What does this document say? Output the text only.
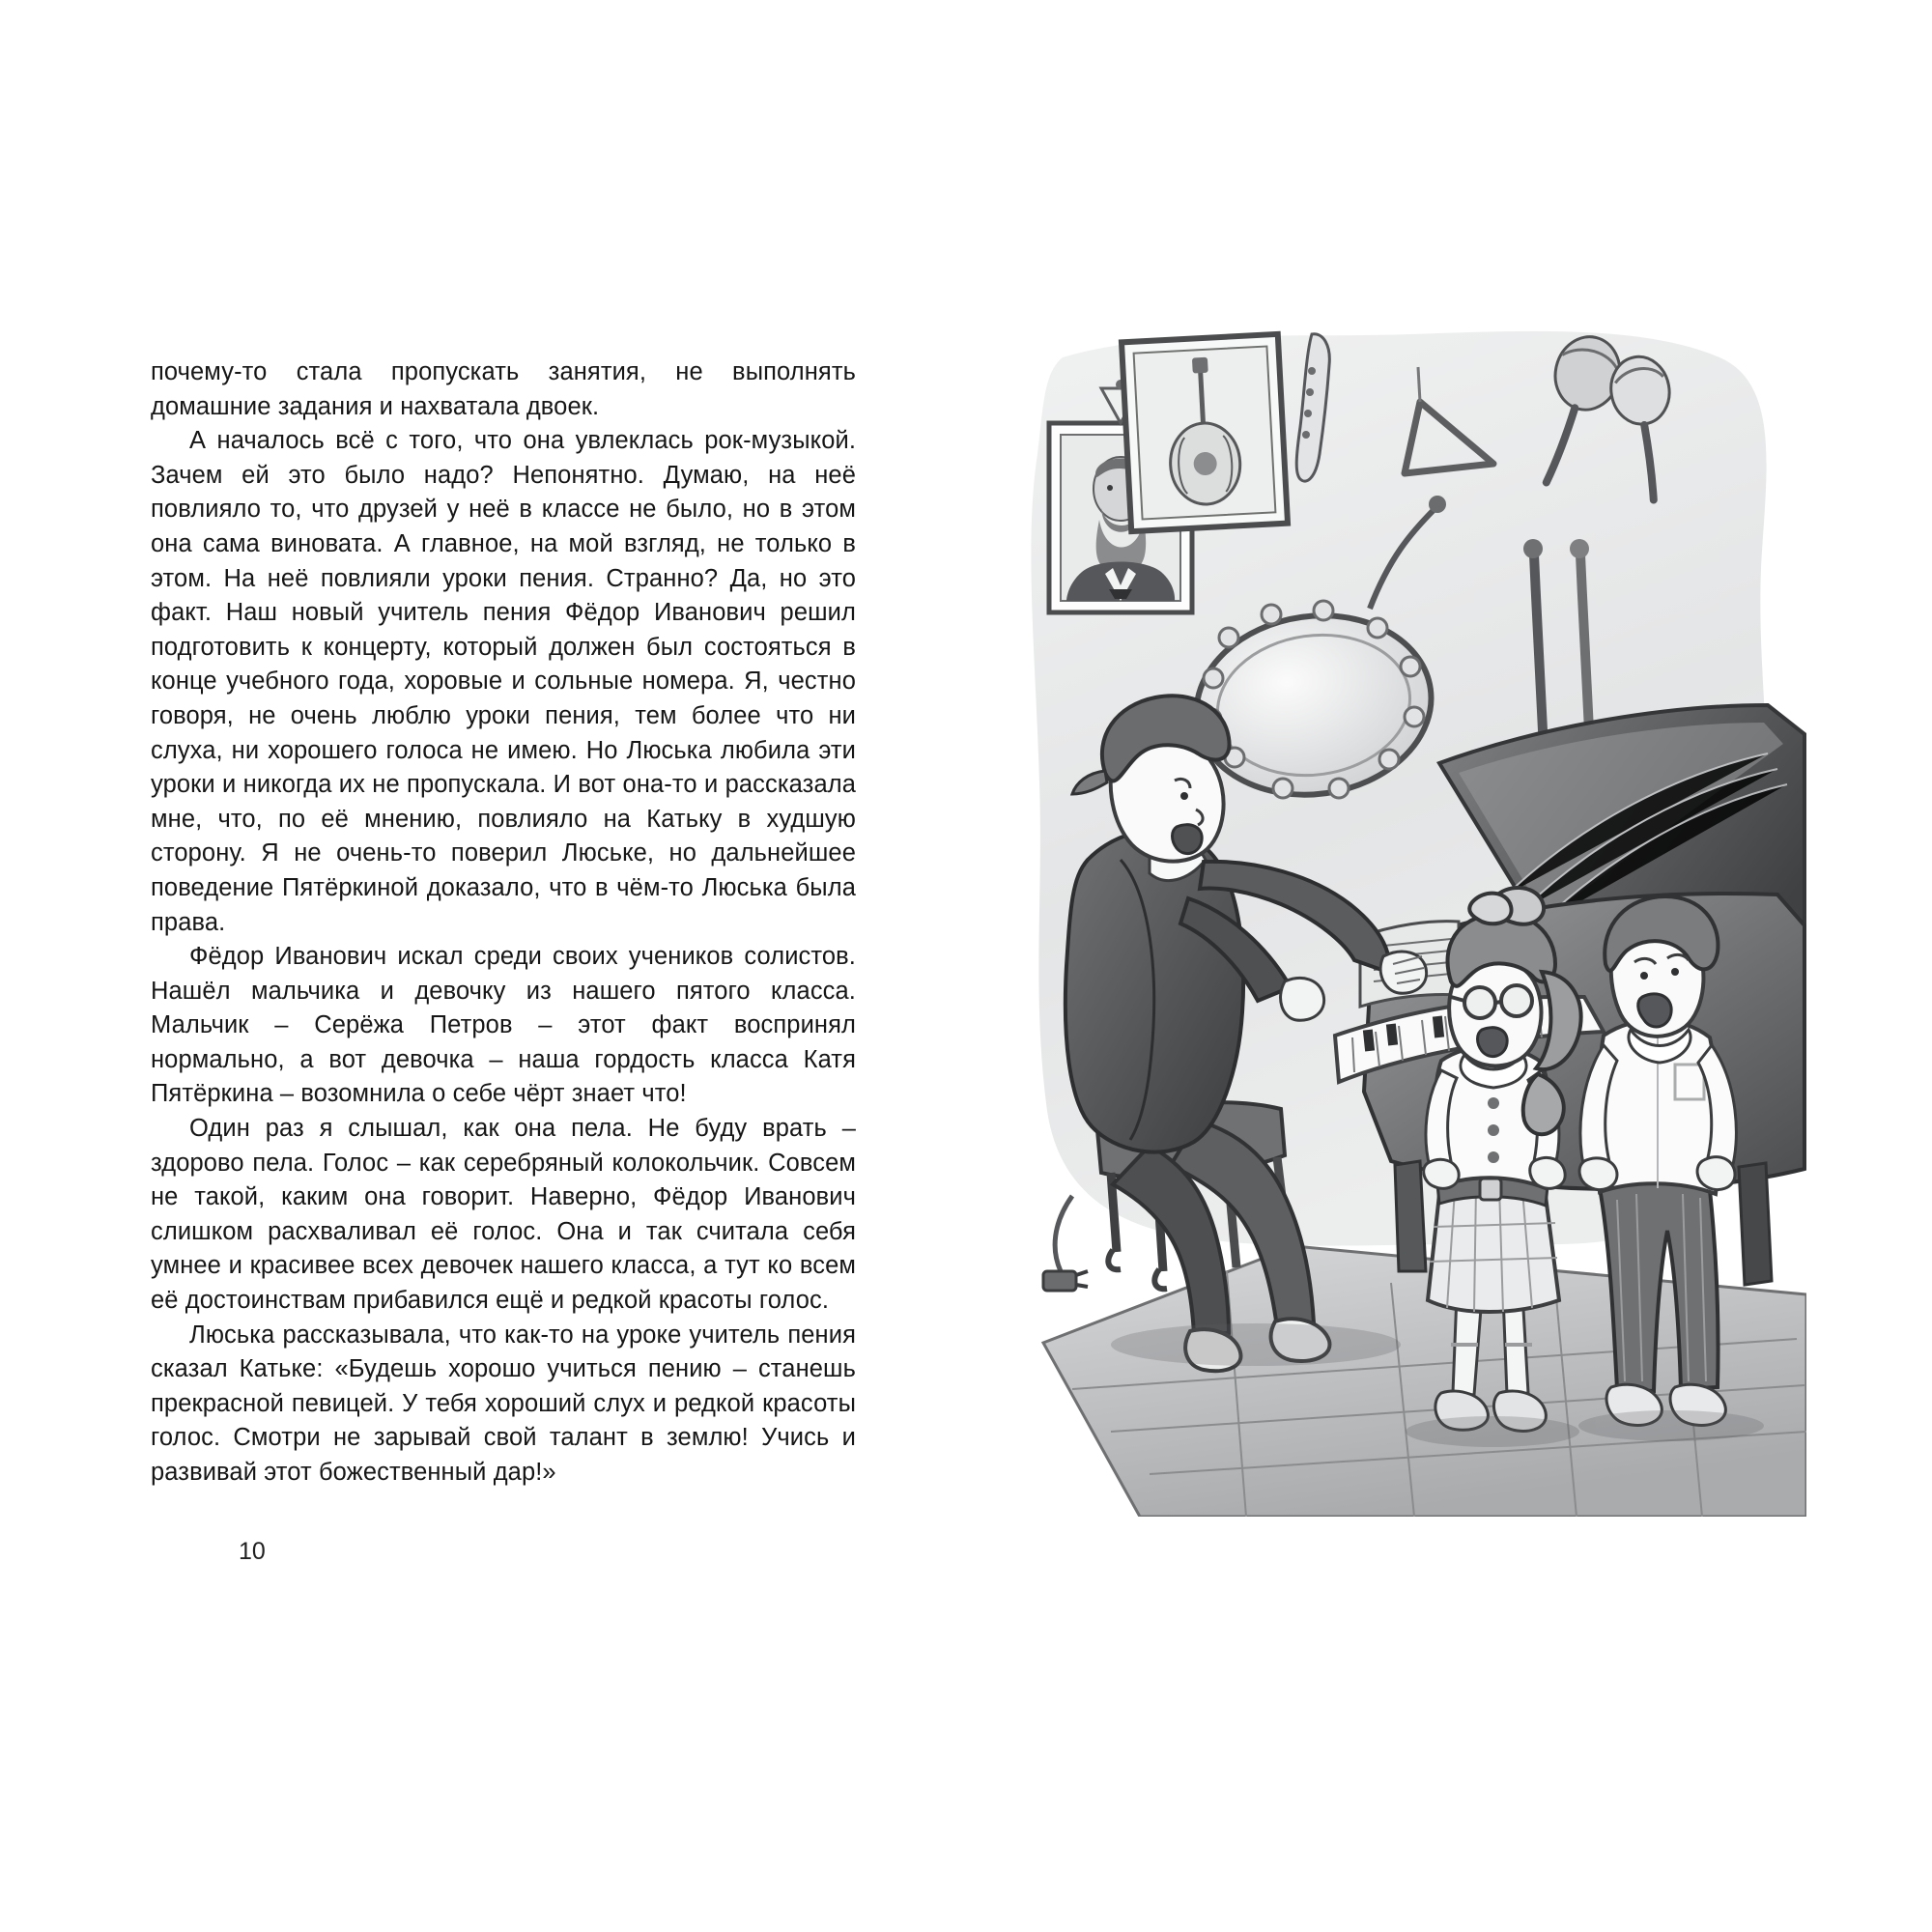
почему-то стала пропускать занятия, не выполнять домашние задания и нахватала двоек.

А началось всё с того, что она увлеклась рок-музыкой. Зачем ей это было надо? Непонятно. Думаю, на неё повлияло то, что друзей у неё в классе не было, но в этом она сама виновата. А главное, на мой взгляд, не только в этом. На неё повлияли уроки пения. Странно? Да, но это факт. Наш новый учитель пения Фёдор Иванович решил подготовить к концерту, который должен был состояться в конце учебного года, хоровые и сольные номера. Я, честно говоря, не очень люблю уроки пения, тем более что ни слуха, ни хорошего голоса не имею. Но Люська любила эти уроки и никогда их не пропускала. И вот она-то и рассказала мне, что, по её мнению, повлияло на Катьку в худшую сторону. Я не очень-то поверил Люське, но дальнейшее поведение Пятёркиной доказало, что в чём-то Люська была права.

Фёдор Иванович искал среди своих учеников солистов. Нашёл мальчика и девочку из нашего пятого класса. Мальчик – Серёжа Петров – этот факт воспринял нормально, а вот девочка – наша гордость класса Катя Пятёркина – возомнила о себе чёрт знает что!

Один раз я слышал, как она пела. Не буду врать – здорово пела. Голос – как серебряный колокольчик. Совсем не такой, каким она говорит. Наверно, Фёдор Иванович слишком расхваливал её голос. Она и так считала себя умнее и красивее всех девочек нашего класса, а тут ко всем её достоинствам прибавился ещё и редкой красоты голос.

Люська рассказывала, что как-то на уроке учитель пения сказал Катьке: «Будешь хорошо учиться пению – станешь прекрасной певицей. У тебя хороший слух и редкой красоты голос. Смотри не зарывай свой талант в землю! Учись и развивай этот божественный дар!»

10
